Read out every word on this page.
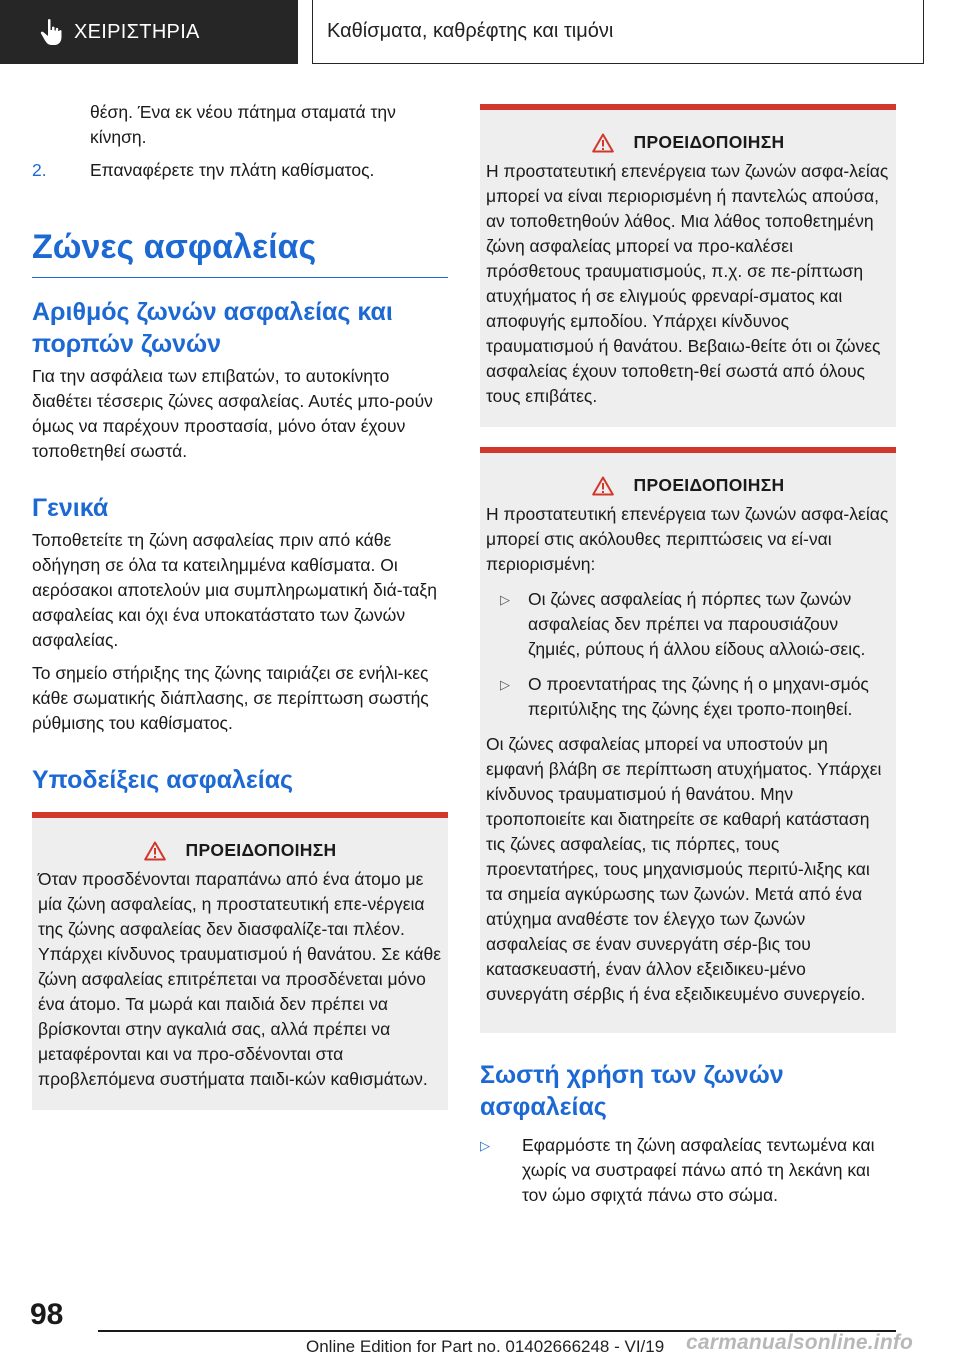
ΧΕΙΡΙΣΤΗΡΙΑ	Καθίσματα, καθρέφτης και τιμόνι

θέση. Ένα εκ νέου πάτημα σταματά την κίνηση.

2.	Επαναφέρετε την πλάτη καθίσματος.
Ζώνες ασφαλείας
Αριθμός ζωνών ασφαλείας και πορπών ζωνών

Για την ασφάλεια των επιβατών, το αυτοκίνητο διαθέτει τέσσερις ζώνες ασφαλείας. Αυτές μπο-ρούν όμως να παρέχουν προστασία, μόνο όταν έχουν τοποθετηθεί σωστά.

Γενικά

Τοποθετείτε τη ζώνη ασφαλείας πριν από κάθε οδήγηση σε όλα τα κατειλημμένα καθίσματα. Οι αερόσακοι αποτελούν μια συμπληρωματική διά-ταξη ασφαλείας και όχι ένα υποκατάστατο των ζωνών ασφαλείας.

Το σημείο στήριξης της ζώνης ταιριάζει σε ενήλι-κες κάθε σωματικής διάπλασης, σε περίπτωση σωστής ρύθμισης του καθίσματος.

Υποδείξεις ασφαλείας
ΠΡΟΕΙΔΟΠΟΙΗΣΗ
Όταν προσδένονται παραπάνω από ένα άτομο με μία ζώνη ασφαλείας, η προστατευτική επε-νέργεια της ζώνης ασφαλείας δεν διασφαλίζε-ται πλέον. Υπάρχει κίνδυνος τραυματισμού ή θανάτου. Σε κάθε ζώνη ασφαλείας επιτρέπεται να προσδένεται μόνο ένα άτομο. Τα μωρά και παιδιά δεν πρέπει να βρίσκονται στην αγκαλιά σας, αλλά πρέπει να μεταφέρονται και να προ-σδένονται στα προβλεπόμενα συστήματα παιδι-κών καθισμάτων.
ΠΡΟΕΙΔΟΠΟΙΗΣΗ
Η προστατευτική επενέργεια των ζωνών ασφα-λείας μπορεί να είναι περιορισμένη ή παντελώς απούσα, αν τοποθετηθούν λάθος. Μια λάθος τοποθετημένη ζώνη ασφαλείας μπορεί να προ-καλέσει πρόσθετους τραυματισμούς, π.χ. σε πε-ρίπτωση ατυχήματος ή σε ελιγμούς φρεναρί-σματος και αποφυγής εμποδίου. Υπάρχει κίνδυνος τραυματισμού ή θανάτου. Βεβαιω-θείτε ότι οι ζώνες ασφαλείας έχουν τοποθετη-θεί σωστά από όλους τους επιβάτες.
ΠΡΟΕΙΔΟΠΟΙΗΣΗ

Η προστατευτική επενέργεια των ζωνών ασφα-λείας μπορεί στις ακόλουθες περιπτώσεις να εί-ναι περιορισμένη:

▷	Οι ζώνες ασφαλείας ή πόρπες των ζωνών ασφαλείας δεν πρέπει να παρουσιάζουν ζημιές, ρύπους ή άλλου είδους αλλοιώ-σεις.
▷	Ο προεντατήρας της ζώνης ή ο μηχανι-σμός περιτύλιξης της ζώνης έχει τροπο-ποιηθεί.

Οι ζώνες ασφαλείας μπορεί να υποστούν μη εμφανή βλάβη σε περίπτωση ατυχήματος. Υπάρχει κίνδυνος τραυματισμού ή θανάτου. Μην τροποποιείτε και διατηρείτε σε καθαρή κατάσταση τις ζώνες ασφαλείας, τις πόρπες, τους προεντατήρες, τους μηχανισμούς περιτύ-λιξης και τα σημεία αγκύρωσης των ζωνών. Μετά από ένα ατύχημα αναθέστε τον έλεγχο των ζωνών ασφαλείας σε έναν συνεργάτη σέρ-βις του κατασκευαστή, έναν άλλον εξειδικευ-μένο συνεργάτη σέρβις ή ένα εξειδικευμένο συνεργείο.

Σωστή χρήση των ζωνών ασφαλείας
▷	Εφαρμόστε τη ζώνη ασφαλείας τεντωμένα και χωρίς να συστραφεί πάνω από τη λεκάνη και τον ώμο σφιχτά πάνω στο σώμα.
98
Online Edition for Part no. 01402666248 - VI/19 carmanualsonline.info
